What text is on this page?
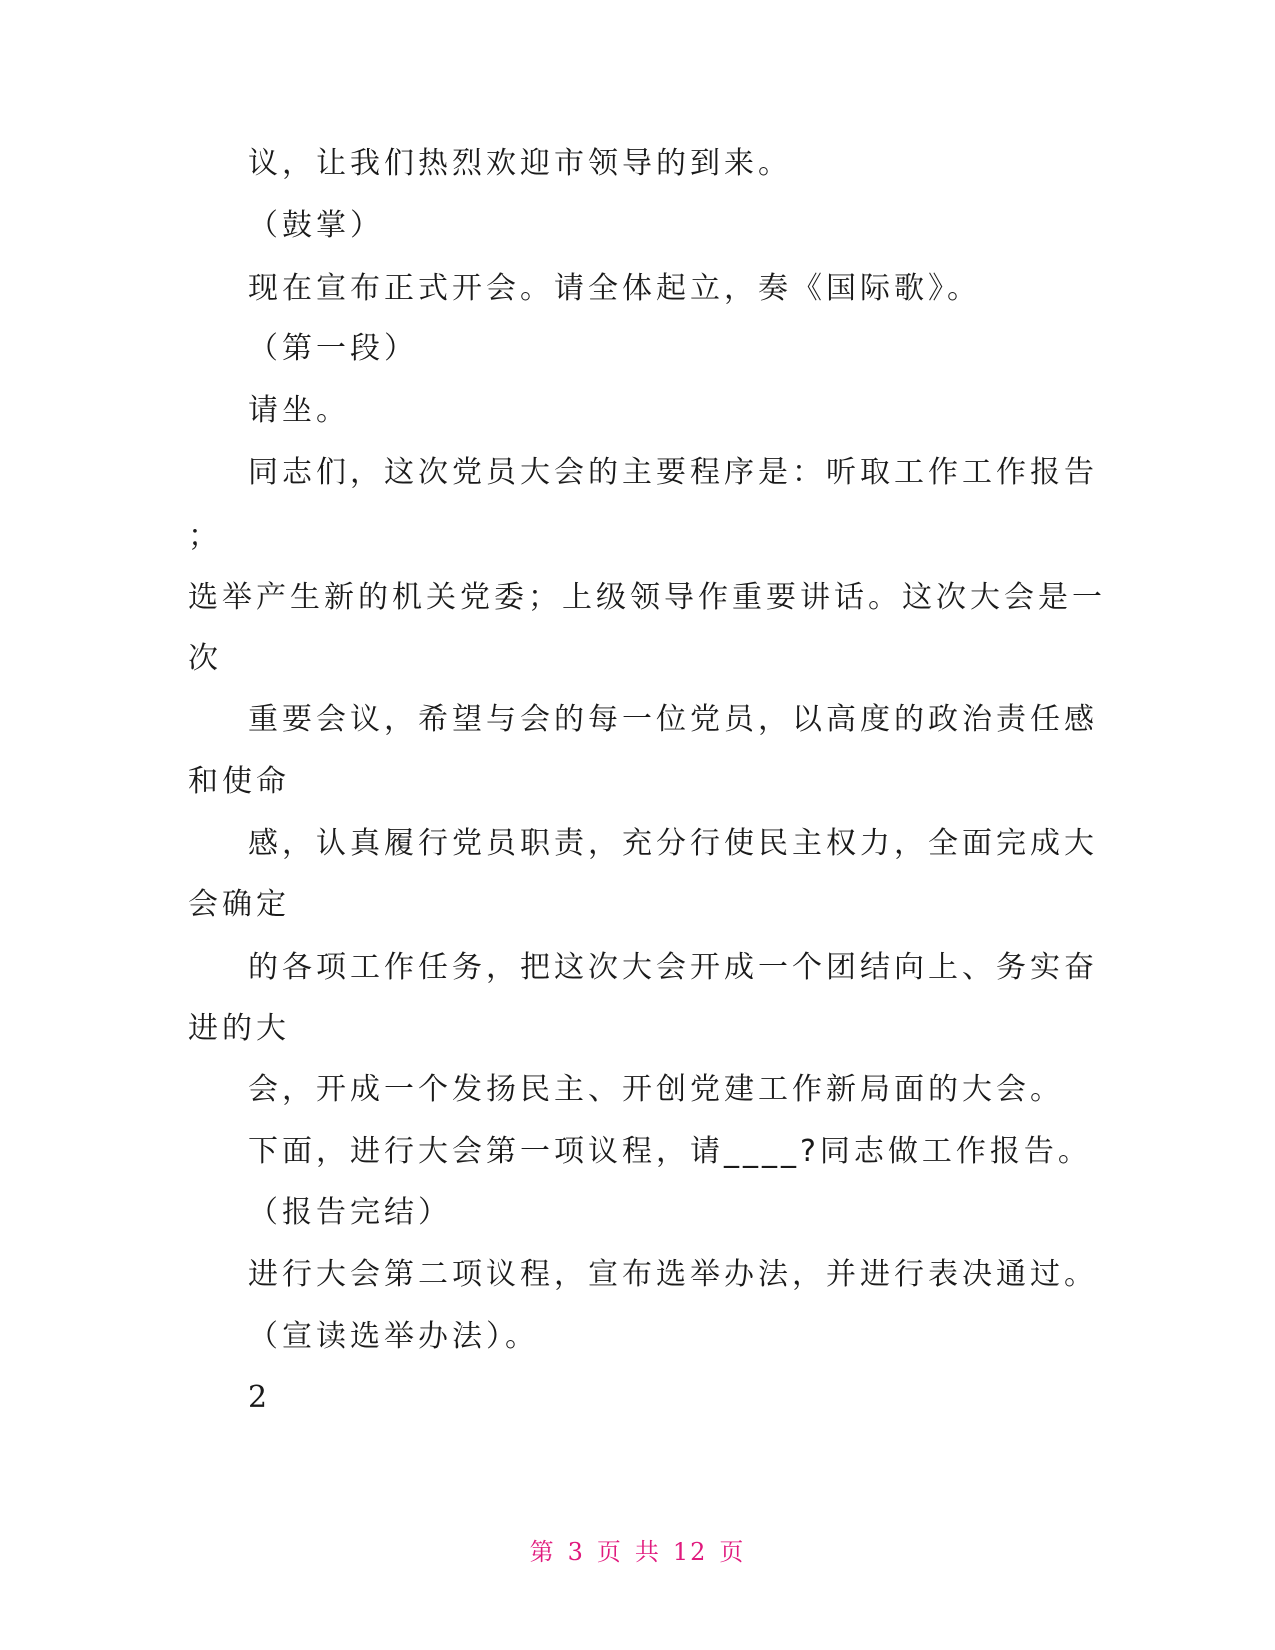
议，让我们热烈欢迎市领导的到来。
（鼓掌）
现在宣布正式开会。请全体起立，奏《国际歌》。
（第一段）
请坐。
同志们，这次党员大会的主要程序是：听取工作工作报告
；
选举产生新的机关党委；上级领导作重要讲话。这次大会是一
次
重要会议，希望与会的每一位党员，以高度的政治责任感
和使命
感，认真履行党员职责，充分行使民主权力，全面完成大
会确定
的各项工作任务，把这次大会开成一个团结向上、务实奋
进的大
会，开成一个发扬民主、开创党建工作新局面的大会。
下面，进行大会第一项议程，请____?同志做工作报告。
（报告完结）
进行大会第二项议程，宣布选举办法，并进行表决通过。
（宣读选举办法）。
2
第 3 页 共 12 页
